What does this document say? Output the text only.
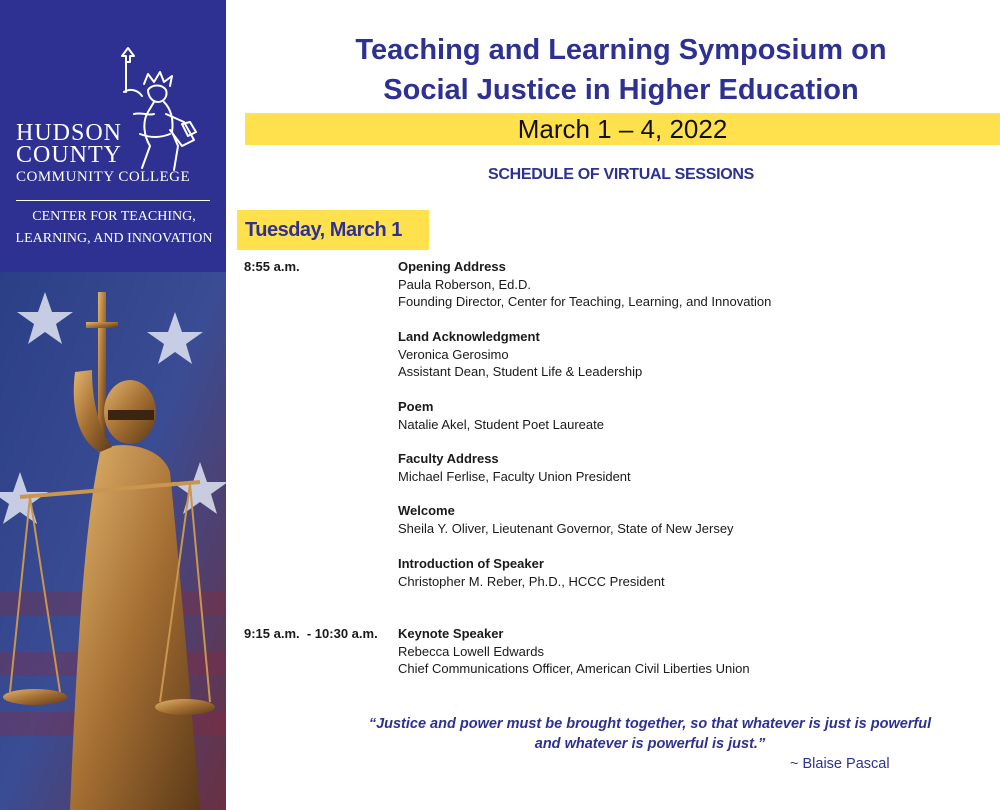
HUDSON
COUNTY
COMMUNITY COLLEGE
CENTER FOR TEACHING,
LEARNING, AND INNOVATION
Teaching and Learning Symposium on
Social Justice in Higher Education
March 1 – 4, 2022
SCHEDULE OF VIRTUAL SESSIONS
Tuesday, March 1
8:55 a.m.	Opening Address
Paula Roberson, Ed.D.
Founding Director, Center for Teaching, Learning, and Innovation
Land Acknowledgment
Veronica Gerosimo
Assistant Dean, Student Life & Leadership
Poem
Natalie Akel, Student Poet Laureate
Faculty Address
Michael Ferlise, Faculty Union President
Welcome
Sheila Y. Oliver, Lieutenant Governor, State of New Jersey
Introduction of Speaker
Christopher M. Reber, Ph.D., HCCC President
9:15 a.m.  - 10:30 a.m.	Keynote Speaker
Rebecca Lowell Edwards
Chief Communications Officer, American Civil Liberties Union
“Justice and power must be brought together, so that whatever is just is powerful
and whatever is powerful is just.”
~ Blaise Pascal
